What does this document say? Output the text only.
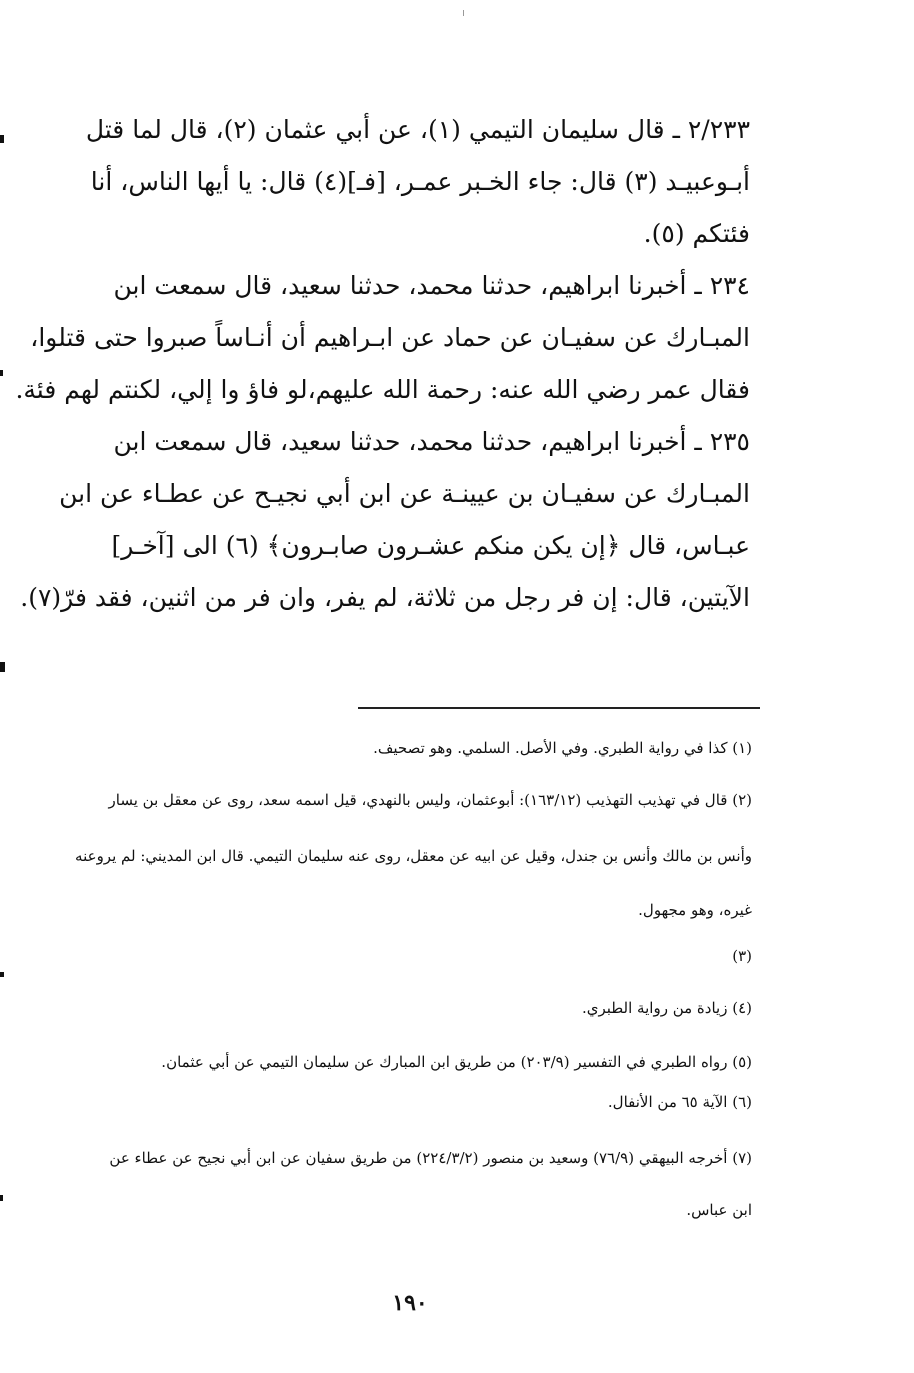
٢/٢٣٣ ـ قال سليمان التيمي (١)، عن أبي عثمان (٢)، قال لما قتل
أبـوعبيـد (٣) قال: جاء الخـبر عمـر، [فـ](٤) قال: يا أيها الناس، أنا
فئتكم (٥).
٢٣٤ ـ أخبرنا ابراهيم، حدثنا محمد، حدثنا سعيد، قال سمعت ابن
المبـارك عن سفيـان عن حماد عن ابـراهيم أن أنـاساً صبروا حتى قتلوا،
فقال عمر رضي الله عنه: رحمة الله عليهم،لو فاؤ وا إلي، لكنتم لهم فئة.
٢٣٥ ـ أخبرنا ابراهيم، حدثنا محمد، حدثنا سعيد، قال سمعت ابن
المبـارك عن سفيـان بن عيينـة عن ابن أبي نجيـح عن عطـاء عن ابن
عبـاس، قال ﴿إن يكن منكم عشـرون صابـرون﴾ (٦) الى [آخـر]
الآيتين، قال: إن فر رجل من ثلاثة، لم يفر، وان فر من اثنين، فقد فرّ(٧).
(١) كذا في رواية الطبري. وفي الأصل. السلمي. وهو تصحيف.
(٢) قال في تهذيب التهذيب (١٦٣/١٢): أبوعثمان، وليس بالنهدي، قيل اسمه سعد، روى عن معقل بن يسار
وأنس بن مالك وأنس بن جندل، وقيل عن ابيه عن معقل، روى عنه سليمان التيمي. قال ابن المديني: لم يروعنه
غيره، وهو مجهول.
(٣)
(٤) زيادة من رواية الطبري.
(٥) رواه الطبري في التفسير (٢٠٣/٩) من طريق ابن المبارك عن سليمان التيمي عن أبي عثمان.
(٦) الآية ٦٥ من الأنفال.
(٧) أخرجه البيهقي (٧٦/٩) وسعيد بن منصور (٢٢٤/٣/٢) من طريق سفيان عن ابن أبي نجيح عن عطاء عن
ابن عباس.
١٩٠
